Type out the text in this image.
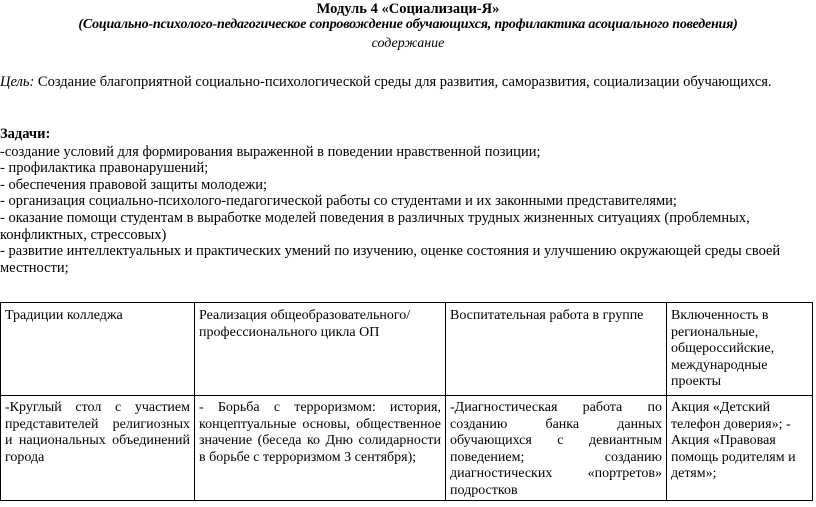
Модуль 4 «Социализаци-Я»
(Социально-психолого-педагогическое сопровождение обучающихся, профилактика асоциального поведения)
содержание
Цель: Создание благоприятной социально-психологической среды для развития, саморазвития, социализации обучающихся.
Задачи:
-создание условий для формирования выраженной в поведении нравственной позиции;
- профилактика правонарушений;
- обеспечения правовой защиты молодежи;
- организация социально-психолого-педагогической работы со студентами и их законными представителями;
- оказание помощи студентам в выработке моделей поведения в различных трудных жизненных ситуациях (проблемных, конфликтных, стрессовых)
- развитие интеллектуальных и практических умений по изучению, оценке состояния и улучшению окружающей среды своей местности;
Традиции колледжа	Реализация общеобразовательного/ профессионального цикла ОП	Воспитательная работа в группе	Включенность в региональные, общероссийские, международные проекты
-Круглый стол с участием представителей религиозных и национальных объединений города	- Борьба с терроризмом: история, концептуальные основы, общественное значение (беседа ко Дню солидарности в борьбе с терроризмом 3 сентября);	-Диагностическая работа по созданию банка данных обучающихся с девиантным поведением; созданию диагностических «портретов» подростков	Акция «Детский телефон доверия»; - Акция «Правовая помощь родителям и детям»;
